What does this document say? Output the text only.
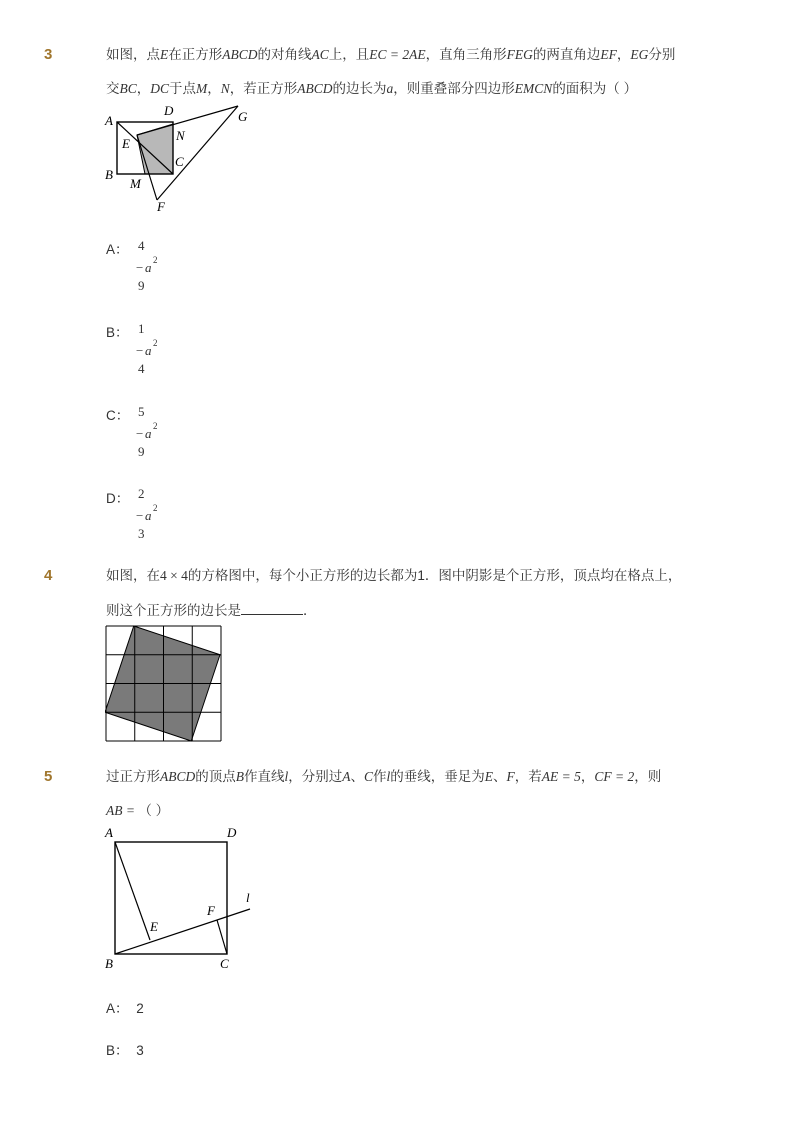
3	如图，点E在正方形ABCD的对角线AC上，且EC = 2AE，直角三角形FEG的两直角边EF，EG分别
交BC，DC于点M，N，若正方形ABCD的边长为a，则重叠部分四边形EMCN的面积为（ ）
A
D	G
N
E
C
B
M
F
A： 4
− a 2
9
B： 1
− a 2
4
C： 5
− a 2
9
D： 2
− a 2
3
4	如图，在4 × 4的方格图中，每个小正方形的边长都为1．图中阴影是个正方形，顶点均在格点上，
则这个正方形的边长是	．
5	过正方形ABCD的顶点B作直线l，分别过A、C作l的垂线，垂足为E、F，若AE = 5，CF = 2，则
AB = （ ）
A	D
l
F
E
B	C
A： 2
B： 3
